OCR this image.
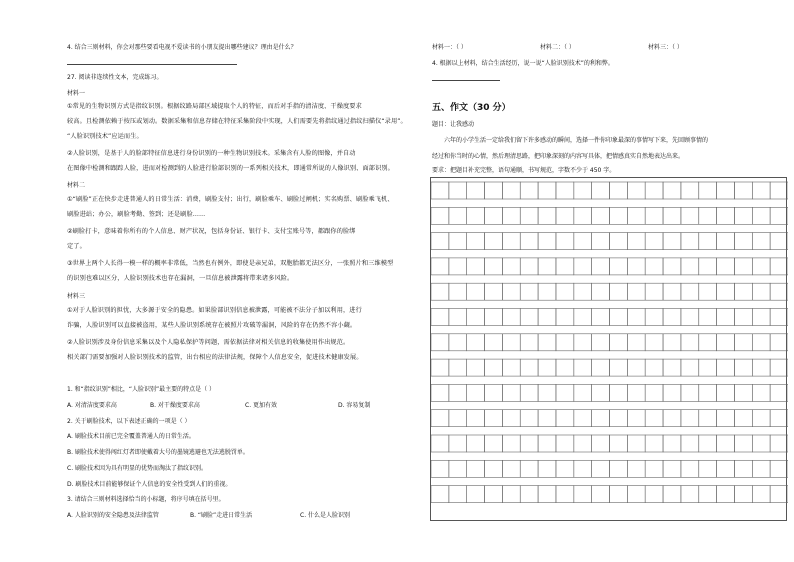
4. 结合三则材料，你会对那些要看电视不爱读书的小朋友提出哪些建议？理由是什么？
27. 阅读非连续性文本，完成练习。
材料一
①常见的生物识别方式是指纹识别。根据纹路局部区域提取个人的特征，而后对手指的清洁度、干燥度要求
较高。且检测依赖于按压或划动。数据采集和信息存储在特征采集阶段中实现，人们需要先将指纹通过指纹扫描仪“录用”。
“人脸识别技术”应运而生。
②人脸识别，是基于人的脸部特征信息进行身份识别的一种生物识别技术。采集含有人脸的图像，并自动
在图像中检测和跟踪人脸，进而对检测到的人脸进行脸部识别的一系列相关技术，即通常所说的人像识别、面部识别。
材料二
①“刷脸”正在快步走进普通人的日常生活：消费，刷脸支付；出行，刷脸乘车、刷脸过闸机；实名购票、刷脸乘飞机、
刷脸进站；办公，刷脸考勤、签到；还是刷脸……
②刷脸打卡，意味着你所有的个人信息、财产状况，包括身份证、银行卡、支付宝账号等，都跟你的脸绑
定了。
③世界上两个人长得一模一样的概率非常低，当然也有例外，即使是亲兄弟，双胞胎都无法区分，一张照片和三维模型
的识别也难以区分，人脸识别技术也存在漏洞，一旦信息被泄露将带来诸多风险。
材料三
①对于人脸识别的担忧，大多源于安全的隐患。如果脸部识别信息被泄露，可能被不法分子加以利用，进行
诈骗，人脸识别可以直接被盗用，某些人脸识别系统存在被照片攻破等漏洞，风险的存在仍然不容小觑。
②人脸识别涉及身份信息采集以及个人隐私保护等问题，需依据法律对相关信息的收集使用作出规范。
相关部门需要加强对人脸识别技术的监管，出台相应的法律法规，保障个人信息安全，促进技术健康发展。
1. 和“指纹识别”相比，“人脸识别”最主要的特点是（ ）
A. 对清洁度要求高	B. 对干燥度要求高	C. 更加有效	D. 容易复制
2. 关于刷脸技术，以下表述正确的一项是（ ）
A. 刷脸技术目前已完全覆盖普通人的日常生活。
B. 刷脸技术使得闯红灯者即使戴着大号的墨镜逃避也无法逃脱罚单。
C. 刷脸技术因为具有明显的优势而淘汰了指纹识别。
D. 刷脸技术目前能够保证个人信息的安全性受到人们的重视。
3. 请结合三则材料选择恰当的小标题，将序号填在括号里。
A. 人脸识别的安全隐患及法律监管	B. “刷脸”走进日常生活	C. 什么是人脸识别
材料一：（ ）	材料二：（ ）	材料三：（ ）
4. 根据以上材料，结合生活经历，说一说“人脸识别技术”的利和弊。
五、作文（30 分）
题目：让我感动
六年的小学生活一定给我们留下许多感动的瞬间，选择一件你印象最深的事情写下来，先回顾事情的
经过和你当时的心情，然后理清思路，把印象深刻的内容写具体，把情感真实自然地表达出来。
要求：把题目补充完整，语句通顺，书写规范，字数不少于 450 字。
